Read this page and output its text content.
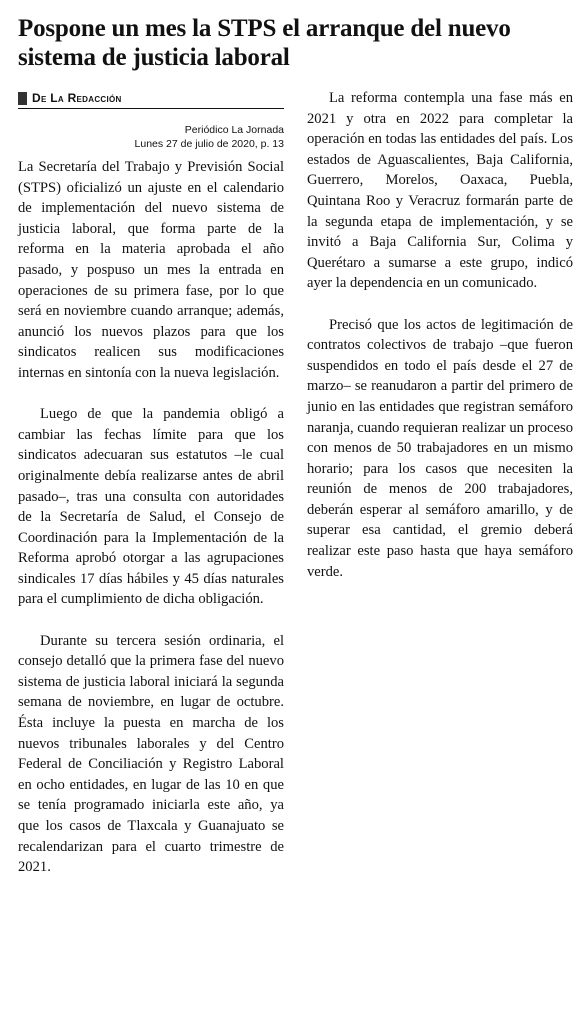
Pospone un mes la STPS el arranque del nuevo sistema de justicia laboral
De La Redacción
Periódico La Jornada
Lunes 27 de julio de 2020, p. 13

La Secretaría del Trabajo y Previsión Social (STPS) oficializó un ajuste en el calendario de implementación del nuevo sistema de justicia laboral, que forma parte de la reforma en la materia aprobada el año pasado, y pospuso un mes la entrada en operaciones de su primera fase, por lo que será en noviembre cuando arranque; además, anunció los nuevos plazos para que los sindicatos realicen sus modificaciones internas en sintonía con la nueva legislación.

Luego de que la pandemia obligó a cambiar las fechas límite para que los sindicatos adecuaran sus estatutos –le cual originalmente debía realizarse antes de abril pasado–, tras una consulta con autoridades de la Secretaría de Salud, el Consejo de Coordinación para la Implementación de la Reforma aprobó otorgar a las agrupaciones sindicales 17 días hábiles y 45 días naturales para el cumplimiento de dicha obligación.

Durante su tercera sesión ordinaria, el consejo detalló que la primera fase del nuevo sistema de justicia laboral iniciará la segunda semana de noviembre, en lugar de octubre. Ésta incluye la puesta en marcha de los nuevos tribunales laborales y del Centro Federal de Conciliación y Registro Laboral en ocho entidades, en lugar de las 10 en que se tenía programado iniciarla este año, ya que los casos de Tlaxcala y Guanajuato se recalendarizan para el cuarto trimestre de 2021.

La reforma contempla una fase más en 2021 y otra en 2022 para completar la operación en todas las entidades del país. Los estados de Aguascalientes, Baja California, Guerrero, Morelos, Oaxaca, Puebla, Quintana Roo y Veracruz formarán parte de la segunda etapa de implementación, y se invitó a Baja California Sur, Colima y Querétaro a sumarse a este grupo, indicó ayer la dependencia en un comunicado.

Precisó que los actos de legitimación de contratos colectivos de trabajo –que fueron suspendidos en todo el país desde el 27 de marzo– se reanudaron a partir del primero de junio en las entidades que registran semáforo naranja, cuando requieran realizar un proceso con menos de 50 trabajadores en un mismo horario; para los casos que necesiten la reunión de menos de 200 trabajadores, deberán esperar al semáforo amarillo, y de superar esa cantidad, el gremio deberá realizar este paso hasta que haya semáforo verde.
